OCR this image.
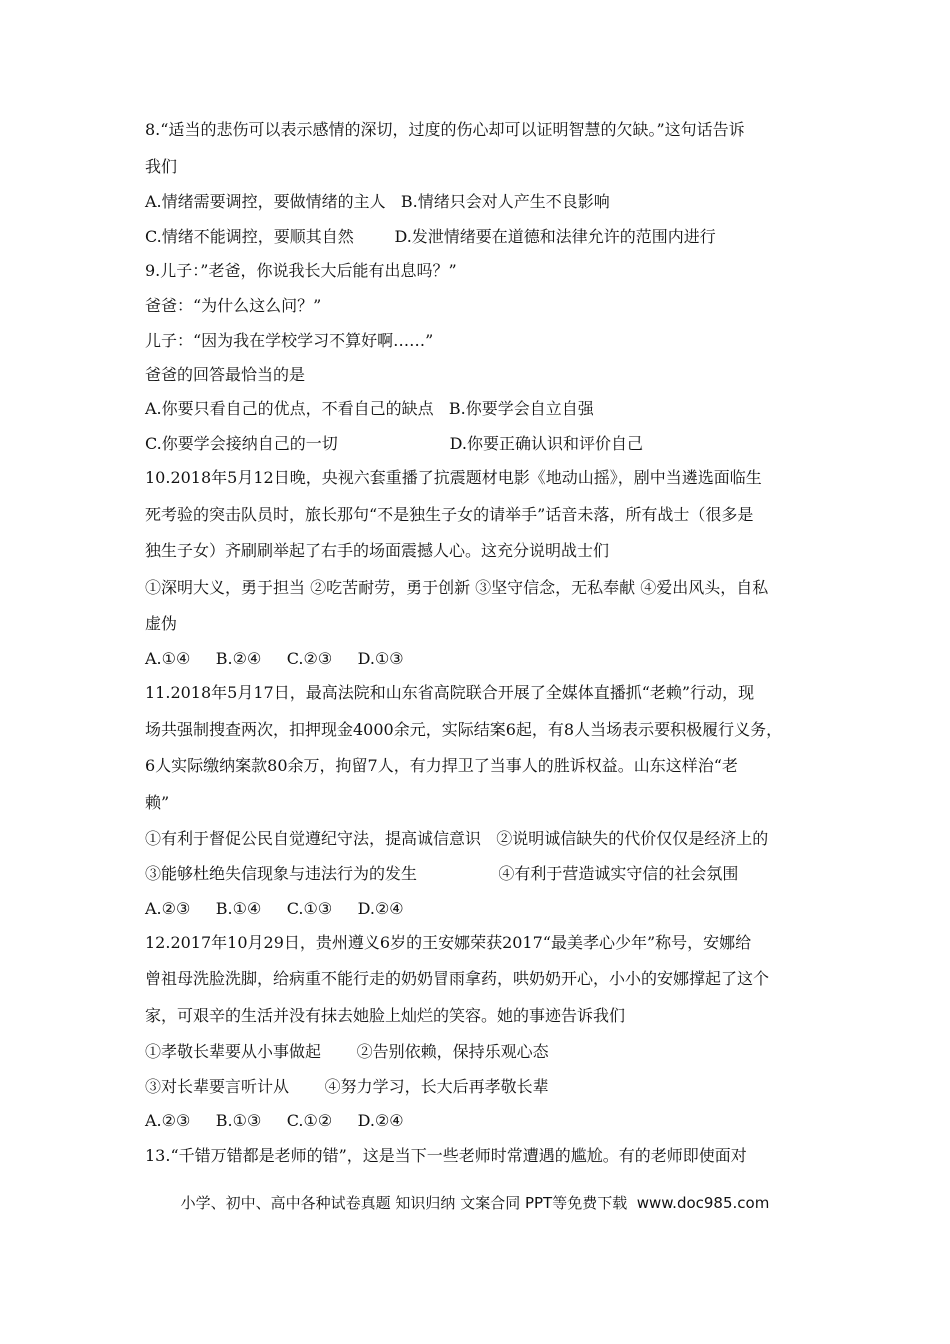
8.“适当的悲伤可以表示感情的深切，过度的伤心却可以证明智慧的欠缺。”这句话告诉
我们
A.情绪需要调控，要做情绪的主人   B.情绪只会对人产生不良影响
C.情绪不能调控，要顺其自然        D.发泄情绪要在道德和法律允许的范围内进行
9.儿子：”老爸，你说我长大后能有出息吗？”
爸爸：“为什么这么问？”
儿子：“因为我在学校学习不算好啊……”
爸爸的回答最恰当的是
A.你要只看自己的优点，不看自己的缺点   B.你要学会自立自强
C.你要学会接纳自己的一切                      D.你要正确认识和评价自己
10.2018年5月12日晚，央视六套重播了抗震题材电影《地动山摇》，剧中当遴选面临生
死考验的突击队员时，旅长那句“不是独生子女的请举手”话音未落，所有战士（很多是
独生子女）齐刷刷举起了右手的场面震撼人心。这充分说明战士们
①深明大义，勇于担当 ②吃苦耐劳，勇于创新 ③坚守信念，无私奉献 ④爱出风头，自私
虚伪
A.①④     B.②④     C.②③     D.①③
11.2018年5月17日，最高法院和山东省高院联合开展了全媒体直播抓“老赖”行动，现
场共强制搜查两次，扣押现金4000余元，实际结案6起，有8人当场表示要积极履行义务，
6人实际缴纳案款80余万，拘留7人，有力捍卫了当事人的胜诉权益。山东这样治“老
赖”
①有利于督促公民自觉遵纪守法，提高诚信意识   ②说明诚信缺失的代价仅仅是经济上的
③能够杜绝失信现象与违法行为的发生                ④有利于营造诚实守信的社会氛围
A.②③     B.①④     C.①③     D.②④
12.2017年10月29日，贵州遵义6岁的王安娜荣获2017“最美孝心少年”称号，安娜给
曾祖母洗脸洗脚，给病重不能行走的奶奶冒雨拿药，哄奶奶开心，小小的安娜撑起了这个
家，可艰辛的生活并没有抹去她脸上灿烂的笑容。她的事迹告诉我们
①孝敬长辈要从小事做起       ②告别依赖，保持乐观心态
③对长辈要言听计从       ④努力学习，长大后再孝敬长辈
A.②③     B.①③     C.①②     D.②④
13.“千错万错都是老师的错”，这是当下一些老师时常遭遇的尴尬。有的老师即使面对
小学、初中、高中各种试卷真题 知识归纳 文案合同 PPT等免费下载  www.doc985.com
